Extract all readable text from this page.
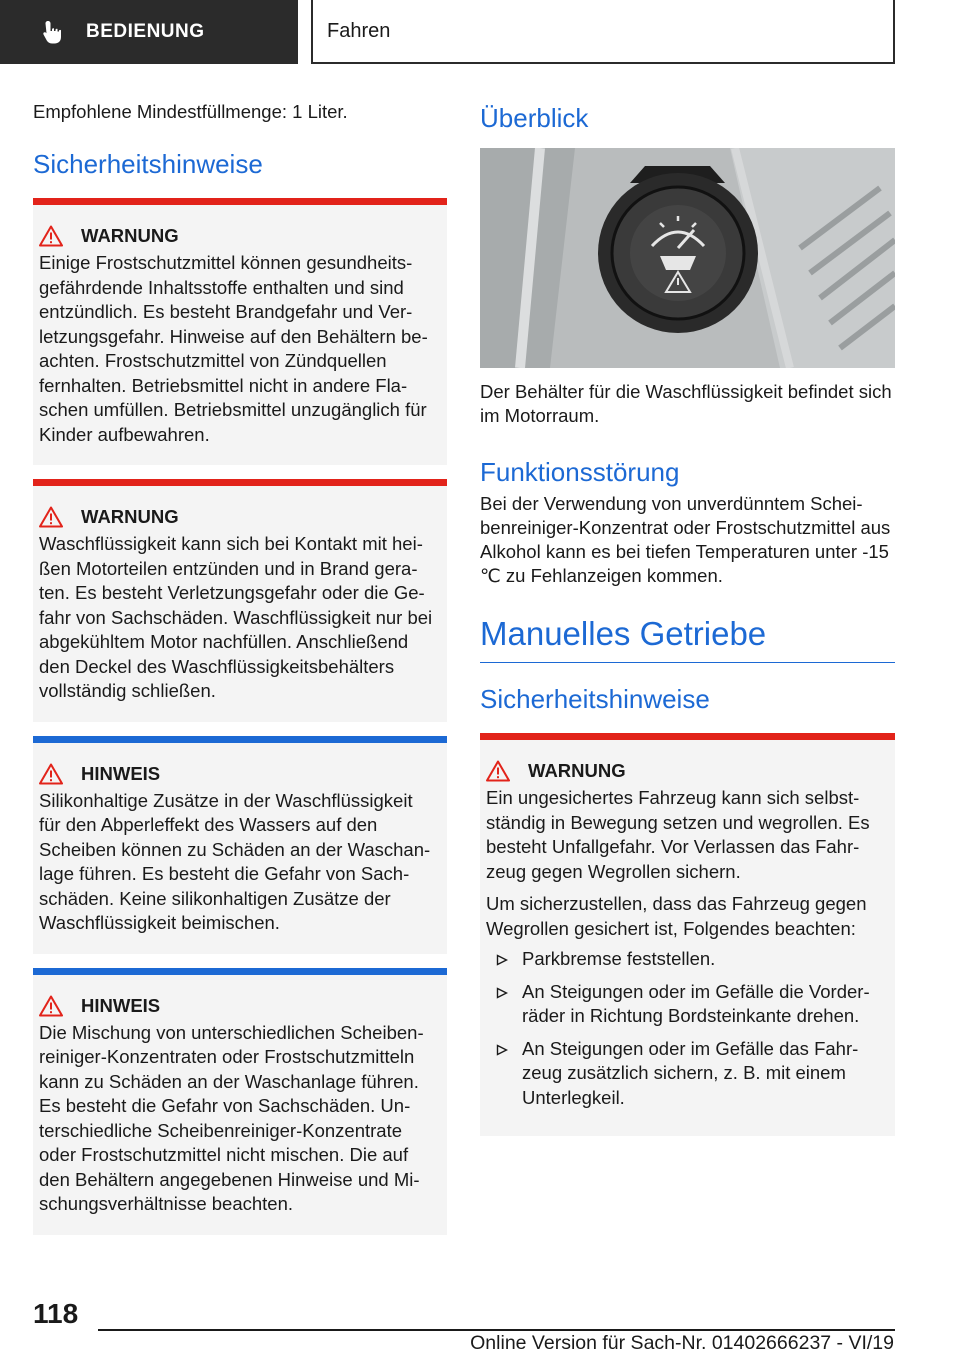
BEDIENUNG	Fahren

Empfohlene Mindestfüllmenge: 1 Liter.

Sicherheitshinweise
WARNUNG

Einige Frostschutzmittel können gesundheitsgefährdende Inhaltsstoffe enthalten und sind entzündlich. Es besteht Brandgefahr und Verletzungsgefahr. Hinweise auf den Behältern beachten. Frostschutzmittel von Zündquellen fernhalten. Betriebsmittel nicht in andere Flaschen umfüllen. Betriebsmittel unzugänglich für Kinder aufbewahren.

WARNUNG

Waschflüssigkeit kann sich bei Kontakt mit heißen Motorteilen entzünden und in Brand geraten. Es besteht Verletzungsgefahr oder die Gefahr von Sachschäden. Waschflüssigkeit nur bei abgekühltem Motor nachfüllen. Anschließend den Deckel des Waschflüssigkeitsbehälters vollständig schließen.

HINWEIS

Silikonhaltige Zusätze in der Waschflüssigkeit für den Abperleffekt des Wassers auf den Scheiben können zu Schäden an der Waschanlage führen. Es besteht die Gefahr von Sachschäden. Keine silikonhaltigen Zusätze der Waschflüssigkeit beimischen.

HINWEIS

Die Mischung von unterschiedlichen Scheibenreiniger-Konzentraten oder Frostschutzmitteln kann zu Schäden an der Waschanlage führen. Es besteht die Gefahr von Sachschäden. Unterschiedliche Scheibenreiniger-Konzentrate oder Frostschutzmittel nicht mischen. Die auf den Behältern angegebenen Hinweise und Mischungsverhältnisse beachten.

Überblick

Der Behälter für die Waschflüssigkeit befindet sich im Motorraum.

Funktionsstörung

Bei der Verwendung von unverdünntem Scheibenreiniger-Konzentrat oder Frostschutzmittel aus Alkohol kann es bei tiefen Temperaturen unter -15 ℃ zu Fehlanzeigen kommen.

Manuelles Getriebe
Sicherheitshinweise
WARNUNG

Ein ungesichertes Fahrzeug kann sich selbstständig in Bewegung setzen und wegrollen. Es besteht Unfallgefahr. Vor Verlassen das Fahrzeug gegen Wegrollen sichern.

Um sicherzustellen, dass das Fahrzeug gegen Wegrollen gesichert ist, Folgendes beachten:

Parkbremse feststellen.
An Steigungen oder im Gefälle die Vorderräder in Richtung Bordsteinkante drehen.
An Steigungen oder im Gefälle das Fahrzeug zusätzlich sichern, z. B. mit einem Unterlegkeil.
118
Online Version für Sach-Nr. 01402666237 - VI/19
